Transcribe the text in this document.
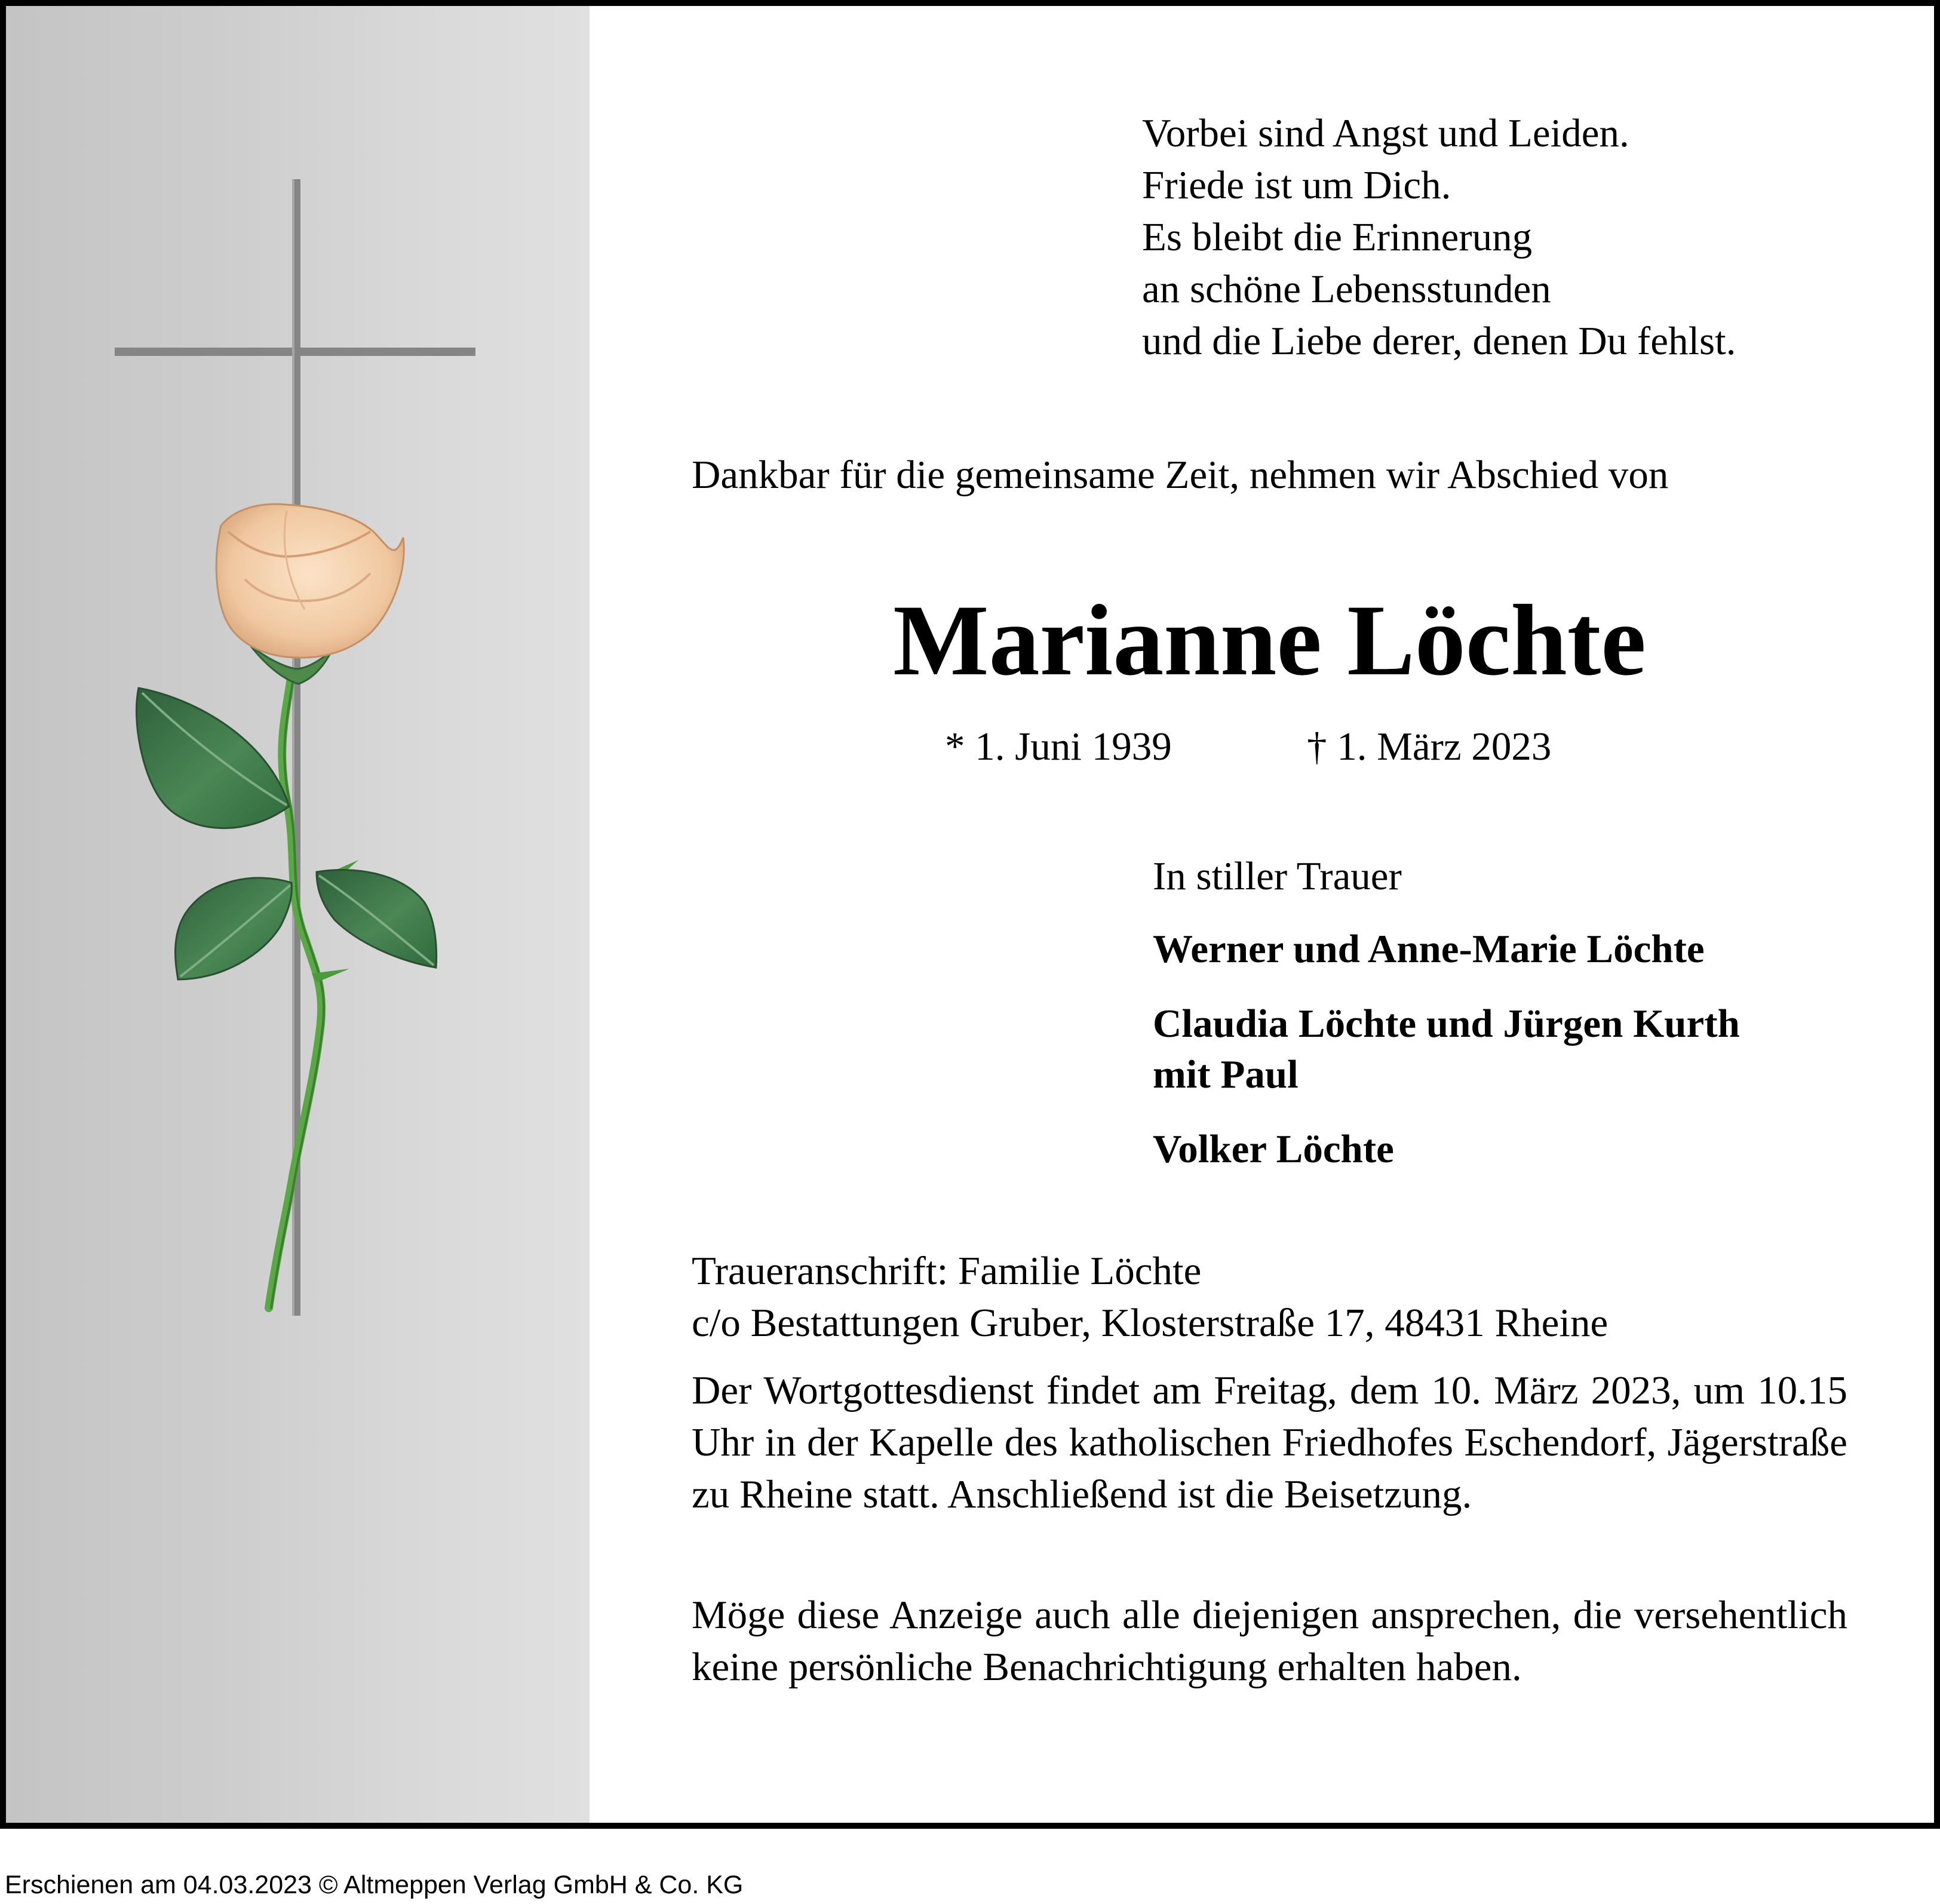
Vorbei sind Angst und Leiden.
Friede ist um Dich.
Es bleibt die Erinnerung
an schöne Lebensstunden
und die Liebe derer, denen Du fehlst.
Dankbar für die gemeinsame Zeit, nehmen wir Abschied von
Marianne Löchte
* 1. Juni 1939	† 1. März 2023
In stiller Trauer
Werner und Anne-Marie Löchte
Claudia Löchte und Jürgen Kurth
mit Paul
Volker Löchte
Traueranschrift: Familie Löchte
c/o Bestattungen Gruber, Klosterstraße 17, 48431 Rheine
Der Wortgottesdienst findet am Freitag, dem 10. März 2023, um 10.15 Uhr in der Kapelle des katholischen Friedhofes Eschendorf, Jägerstraße zu Rheine statt. Anschließend ist die Beisetzung.
Möge diese Anzeige auch alle diejenigen ansprechen, die versehentlich keine persönliche Benachrichtigung erhalten haben.
Erschienen am 04.03.2023 © Altmeppen Verlag GmbH & Co. KG
